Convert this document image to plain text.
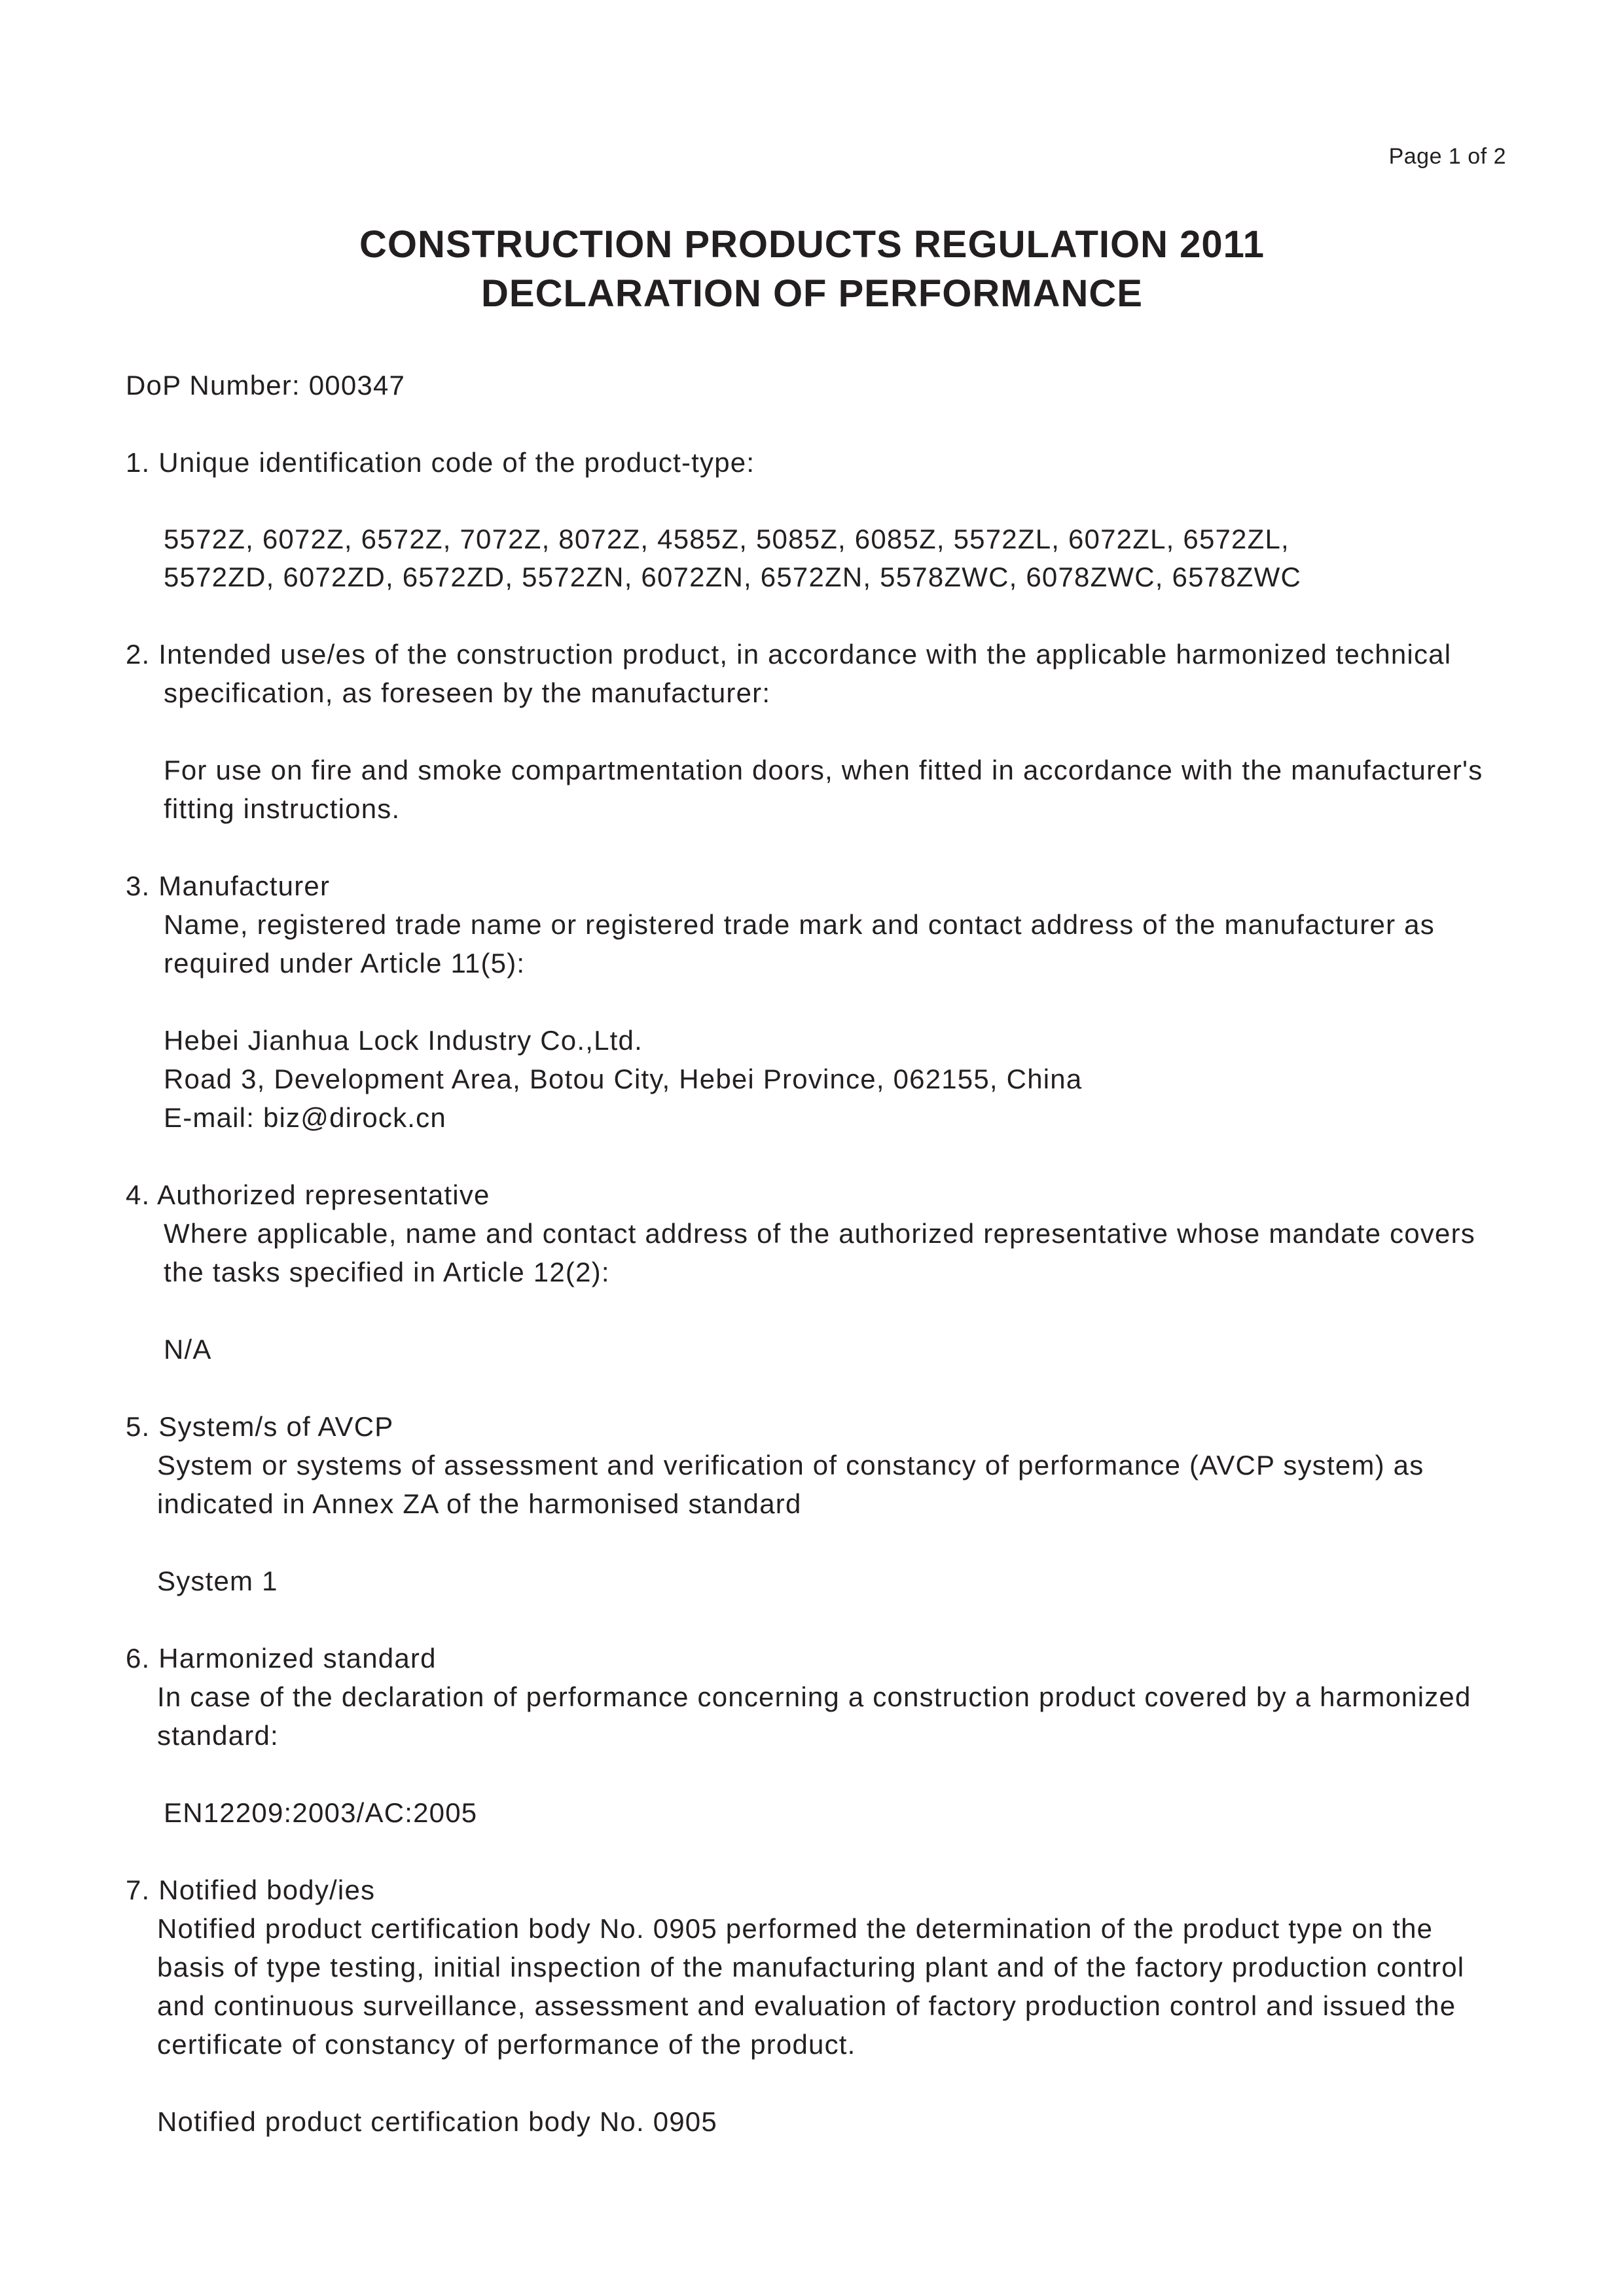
Page 1 of 2
CONSTRUCTION PRODUCTS REGULATION 2011
DECLARATION OF PERFORMANCE
DoP Number: 000347
1. Unique identification code of the product-type:
5572Z, 6072Z, 6572Z, 7072Z, 8072Z, 4585Z, 5085Z, 6085Z, 5572ZL, 6072ZL, 6572ZL,
5572ZD, 6072ZD, 6572ZD, 5572ZN, 6072ZN, 6572ZN, 5578ZWC, 6078ZWC, 6578ZWC
2. Intended use/es of the construction product, in accordance with the applicable harmonized technical
specification, as foreseen by the manufacturer:
For use on fire and smoke compartmentation doors, when fitted in accordance with the manufacturer's
fitting instructions.
3. Manufacturer
Name, registered trade name or registered trade mark and contact address of the manufacturer as
required under Article 11(5):
Hebei Jianhua Lock Industry Co.,Ltd.
Road 3, Development Area, Botou City, Hebei Province, 062155, China
E-mail: biz@dirock.cn
4. Authorized representative
Where applicable, name and contact address of the authorized representative whose mandate covers
the tasks specified in Article 12(2):
N/A
5. System/s of AVCP
System or systems of assessment and verification of constancy of performance (AVCP system) as
indicated in Annex ZA of the harmonised standard
System 1
6. Harmonized standard
In case of the declaration of performance concerning a construction product covered by a harmonized
standard:
EN12209:2003/AC:2005
7. Notified body/ies
Notified product certification body No. 0905 performed the determination of the product type on the
basis of type testing, initial inspection of the manufacturing plant and of the factory production control
and continuous surveillance, assessment and evaluation of factory production control and issued the
certificate of constancy of performance of the product.
Notified product certification body No. 0905
